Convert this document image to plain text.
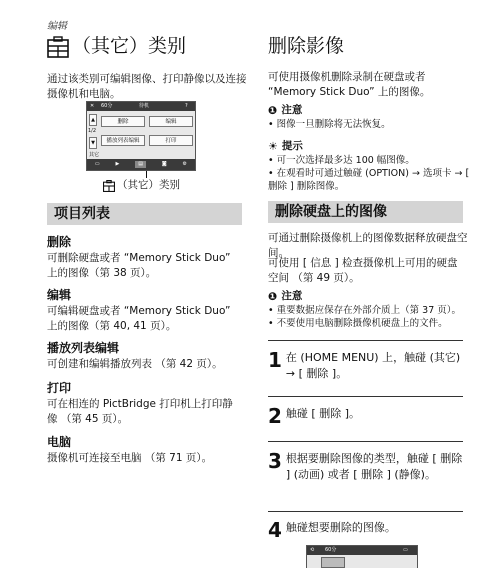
编辑
（其它）类别
通过该类别可编辑图像、打印静像以及连接摄像机和电脑。
✕ 60分	待机	?
▲
1/2
▼
删除	编辑
播放列表编辑	打印
其它
▭	▶	▤	◙	⚙
（其它）类别
项目列表
删除
可删除硬盘或者 “Memory Stick Duo” 上的图像（第 38 页）。
编辑
可编辑硬盘或者 “Memory Stick Duo” 上的图像（第 40, 41 页）。
播放列表编辑
可创建和编辑播放列表 （第 42 页）。
打印
可在相连的 PictBridge 打印机上打印静像 （第 45 页）。
电脑
摄像机可连接至电脑 （第 71 页）。
删除影像
可使用摄像机删除录制在硬盘或者 “Memory Stick Duo” 上的图像。
❶ 注意
• 图像一旦删除将无法恢复。
☀ 提示
• 可一次选择最多达 100 幅图像。
• 在观看时可通过触碰 (OPTION) → 选项卡 → [ 删除 ] 删除图像。
删除硬盘上的图像
可通过删除摄像机上的图像数据释放硬盘空间。
可使用 [ 信息 ] 检查摄像机上可用的硬盘空间 （第 49 页）。
❶ 注意
• 重要数据应保存在外部介质上（第 37 页）。
• 不要使用电脑删除摄像机硬盘上的文件。
1 在 (HOME MENU) 上，触碰 (其它) → [ 删除 ]。
2 触碰 [ 删除 ]。
3 根据要删除图像的类型，触碰 [ 删除 ] (动画) 或者 [ 删除 ] (静像)。
4 触碰想要删除的图像。
⟲ 60分	▭
